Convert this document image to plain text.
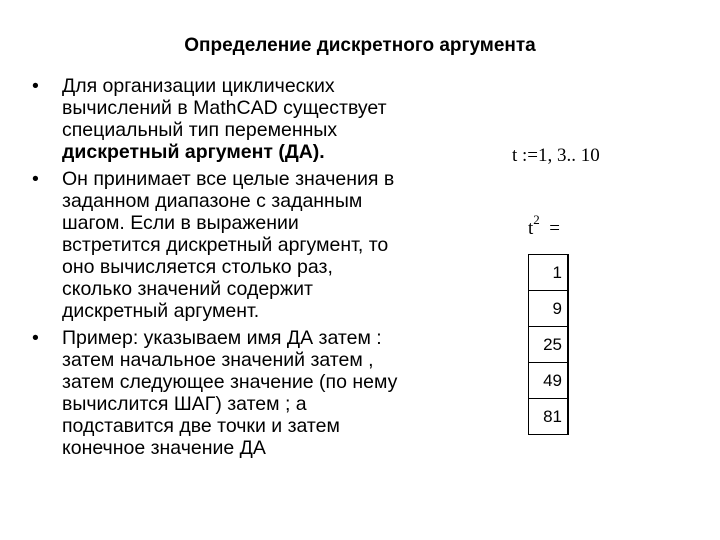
Определение дискретного аргумента
• Для организации циклических
вычислений в MathCAD существует
специальный тип переменных
дискретный аргумент (ДА).
• Он принимает все целые значения в
заданном диапазоне с заданным
шагом. Если в выражении
встретится дискретный аргумент, то
оно вычисляется столько раз,
сколько значений содержит
дискретный аргумент.
• Пример: указываем имя ДА затем :
затем начальное значений затем ,
затем следующее значение (по нему
вычислится ШАГ) затем ; а
подставится две точки и затем
конечное значение ДА
t :=1, 3.. 10
$t^2$ =
1
9
25
49
81
